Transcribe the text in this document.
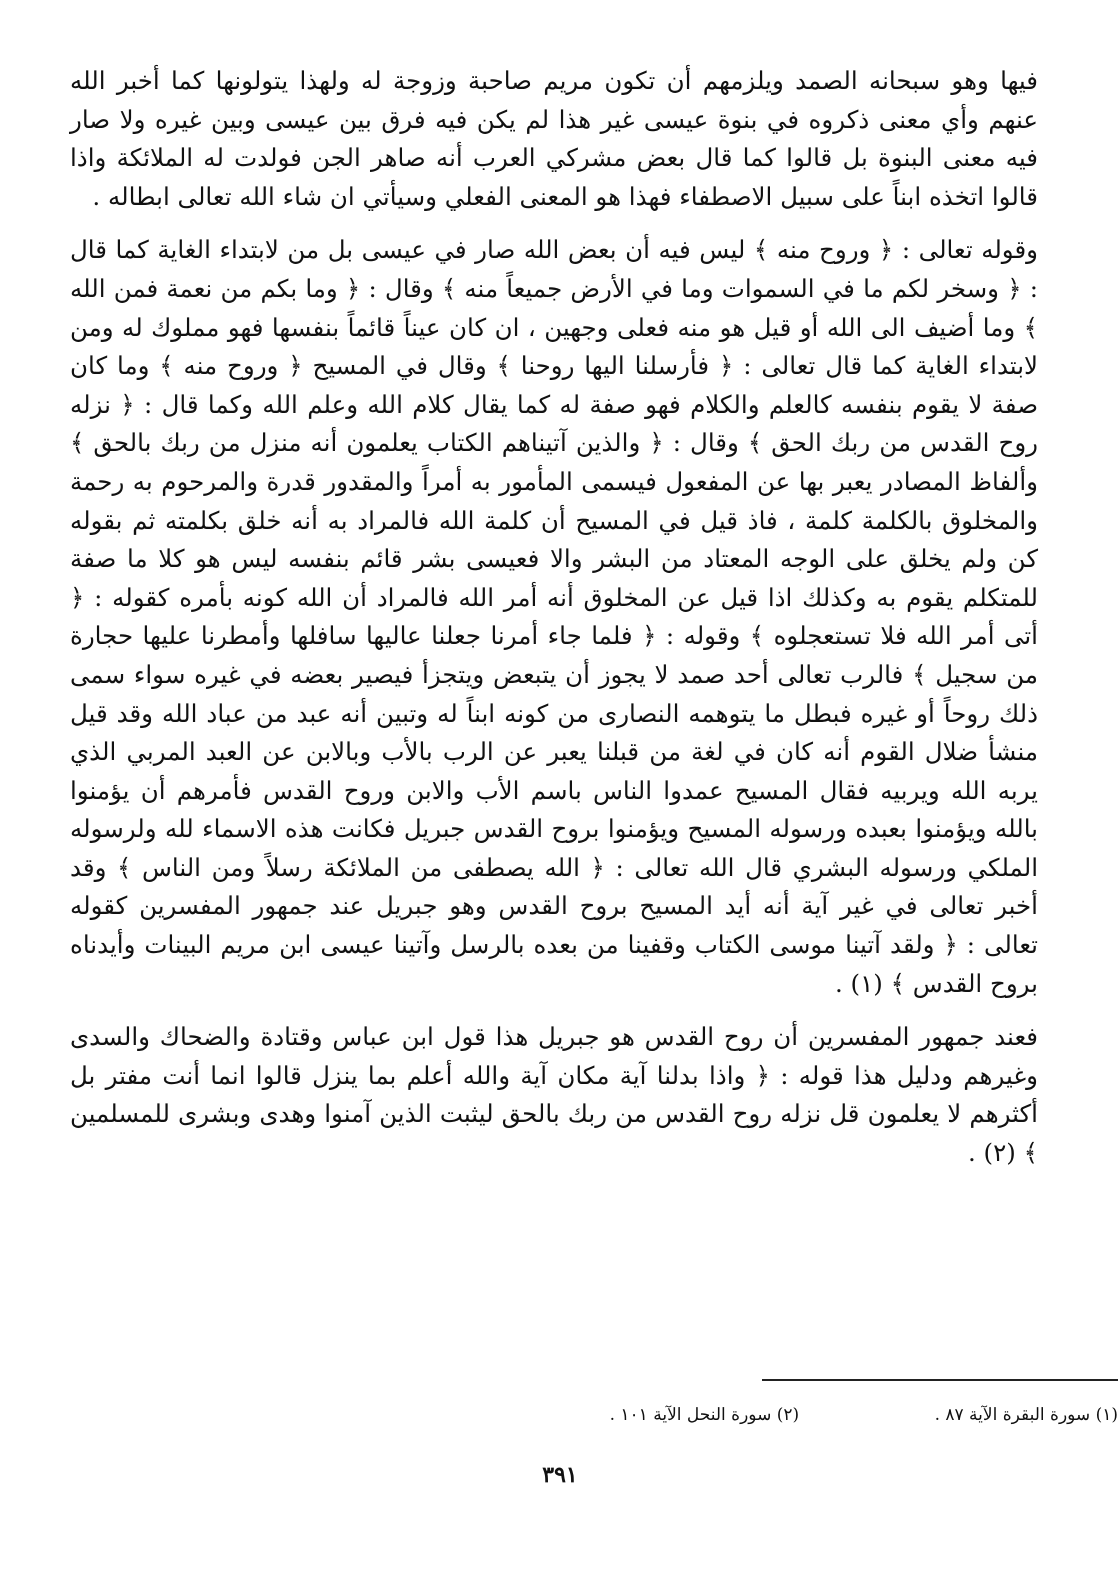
فيها وهو سبحانه الصمد ويلزمهم أن تكون مريم صاحبة وزوجة له ولهذا يتولونها كما أخبر الله عنهم وأي معنى ذكروه في بنوة عيسى غير هذا لم يكن فيه فرق بين عيسى وبين غيره ولا صار فيه معنى البنوة بل قالوا كما قال بعض مشركي العرب أنه صاهر الجن فولدت له الملائكة واذا قالوا اتخذه ابناً على سبيل الاصطفاء فهذا هو المعنى الفعلي وسيأتي ان شاء الله تعالى ابطاله .

وقوله تعالى : ﴿ وروح منه ﴾ ليس فيه أن بعض الله صار في عيسى بل من لابتداء الغاية كما قال : ﴿ وسخر لكم ما في السموات وما في الأرض جميعاً منه ﴾ وقال : ﴿ وما بكم من نعمة فمن الله ﴾ وما أضيف الى الله أو قيل هو منه فعلى وجهين ، ان كان عيناً قائماً بنفسها فهو مملوك له ومن لابتداء الغاية كما قال تعالى : ﴿ فأرسلنا اليها روحنا ﴾ وقال في المسيح ﴿ وروح منه ﴾ وما كان صفة لا يقوم بنفسه كالعلم والكلام فهو صفة له كما يقال كلام الله وعلم الله وكما قال : ﴿ نزله روح القدس من ربك الحق ﴾ وقال : ﴿ والذين آتيناهم الكتاب يعلمون أنه منزل من ربك بالحق ﴾ وألفاظ المصادر يعبر بها عن المفعول فيسمى المأمور به أمراً والمقدور قدرة والمرحوم به رحمة والمخلوق بالكلمة كلمة ، فاذ قيل في المسيح أن كلمة الله فالمراد به أنه خلق بكلمته ثم بقوله كن ولم يخلق على الوجه المعتاد من البشر والا فعيسى بشر قائم بنفسه ليس هو كلا ما صفة للمتكلم يقوم به وكذلك اذا قيل عن المخلوق أنه أمر الله فالمراد أن الله كونه بأمره كقوله : ﴿ أتى أمر الله فلا تستعجلوه ﴾ وقوله : ﴿ فلما جاء أمرنا جعلنا عاليها سافلها وأمطرنا عليها حجارة من سجيل ﴾ فالرب تعالى أحد صمد لا يجوز أن يتبعض ويتجزأ فيصير بعضه في غيره سواء سمى ذلك روحاً أو غيره فبطل ما يتوهمه النصارى من كونه ابناً له وتبين أنه عبد من عباد الله وقد قيل منشأ ضلال القوم أنه كان في لغة من قبلنا يعبر عن الرب بالأب وبالابن عن العبد المربي الذي يربه الله ويربيه فقال المسيح عمدوا الناس باسم الأب والابن وروح القدس فأمرهم أن يؤمنوا بالله ويؤمنوا بعبده ورسوله المسيح ويؤمنوا بروح القدس جبريل فكانت هذه الاسماء لله ولرسوله الملكي ورسوله البشري قال الله تعالى : ﴿ الله يصطفى من الملائكة رسلاً ومن الناس ﴾ وقد أخبر تعالى في غير آية أنه أيد المسيح بروح القدس وهو جبريل عند جمهور المفسرين كقوله تعالى : ﴿ ولقد آتينا موسى الكتاب وقفينا من بعده بالرسل وآتينا عيسى ابن مريم البينات وأيدناه بروح القدس ﴾ (١) .

فعند جمهور المفسرين أن روح القدس هو جبريل هذا قول ابن عباس وقتادة والضحاك والسدى وغيرهم ودليل هذا قوله : ﴿ واذا بدلنا آية مكان آية والله أعلم بما ينزل قالوا انما أنت مفتر بل أكثرهم لا يعلمون قل نزله روح القدس من ربك بالحق ليثبت الذين آمنوا وهدى وبشرى للمسلمين ﴾ (٢) .

(١) سورة البقرة الآية ٨٧ . (٢) سورة النحل الآية ١٠١ .
٣٩١
